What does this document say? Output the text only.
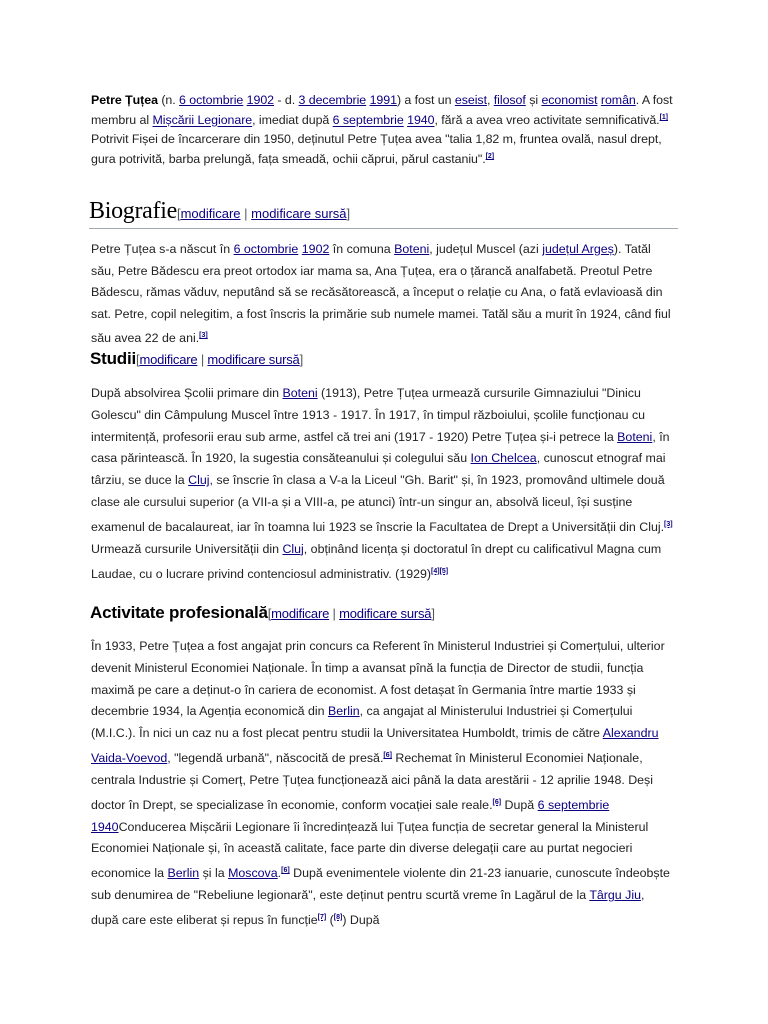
Petre Țuțea (n. 6 octombrie 1902 - d. 3 decembrie 1991) a fost un eseist, filosof și economist român. A fost membru al Mișcării Legionare, imediat după 6 septembrie 1940, fără a avea vreo activitate semnificativă.[1] Potrivit Fișei de încarcerare din 1950, deținutul Petre Țuțea avea "talia 1,82 m, fruntea ovală, nasul drept, gura potrivită, barba prelungă, fața smeadă, ochii căprui, părul castaniu".[2]

Biografie[modificare | modificare sursă]

Petre Țuțea s-a născut în 6 octombrie 1902 în comuna Boteni, județul Muscel (azi județul Argeș). Tatăl său, Petre Bădescu era preot ortodox iar mama sa, Ana Țuțea, era o țărancă analfabetă. Preotul Petre Bădescu, rămas văduv, neputând să se recăsătorească, a început o relație cu Ana, o fată evlavioasă din sat. Petre, copil nelegitim, a fost înscris la primărie sub numele mamei. Tatăl său a murit în 1924, când fiul său avea 22 de ani.[3]

Studii[modificare | modificare sursă]

După absolvirea Școlii primare din Boteni (1913), Petre Țuțea urmează cursurile Gimnaziului "Dinicu Golescu" din Câmpulung Muscel între 1913 - 1917. În 1917, în timpul războiului, școlile funcționau cu intermitență, profesorii erau sub arme, astfel că trei ani (1917 - 1920) Petre Țuțea și-i petrece la Boteni, în casa părintească. În 1920, la sugestia consăteanului și colegului său Ion Chelcea, cunoscut etnograf mai târziu, se duce la Cluj, se înscrie în clasa a V-a la Liceul "Gh. Barit" și, în 1923, promovând ultimele două clase ale cursului superior (a VII-a și a VIII-a, pe atunci) într-un singur an, absolvă liceul, își susține examenul de bacalaureat, iar în toamna lui 1923 se înscrie la Facultatea de Drept a Universității din Cluj.[3] Urmează cursurile Universității din Cluj, obținând licența și doctoratul în drept cu calificativul Magna cum Laudae, cu o lucrare privind contenciosul administrativ. (1929)[4][5]

Activitate profesională[modificare | modificare sursă]

În 1933, Petre Țuțea a fost angajat prin concurs ca Referent în Ministerul Industriei și Comerțului, ulterior devenit Ministerul Economiei Naționale. În timp a avansat pînă la funcția de Director de studii, funcția maximă pe care a deținut-o în cariera de economist. A fost detașat în Germania între martie 1933 și decembrie 1934, la Agenția economică din Berlin, ca angajat al Ministerului Industriei și Comerțului (M.I.C.). În nici un caz nu a fost plecat pentru studii la Universitatea Humboldt, trimis de către Alexandru Vaida-Voevod, "legendă urbană", născocită de presă.[6] Rechemat în Ministerul Economiei Naționale, centrala Industrie și Comerț, Petre Țuțea funcționează aici până la data arestării - 12 aprilie 1948. Deși doctor în Drept, se specializase în economie, conform vocației sale reale.[6] După 6 septembrie 1940Conducerea Mișcării Legionare îi încredințează lui Țuțea funcția de secretar general la Ministerul Economiei Naționale și, în această calitate, face parte din diverse delegații care au purtat negocieri economice la Berlin și la Moscova.[6] După evenimentele violente din 21-23 ianuarie, cunoscute îndeobște sub denumirea de "Rebeliune legionară", este deținut pentru scurtă vreme în Lagărul de la Târgu Jiu, după care este eliberat și repus în funcție[7] ([8]) După
